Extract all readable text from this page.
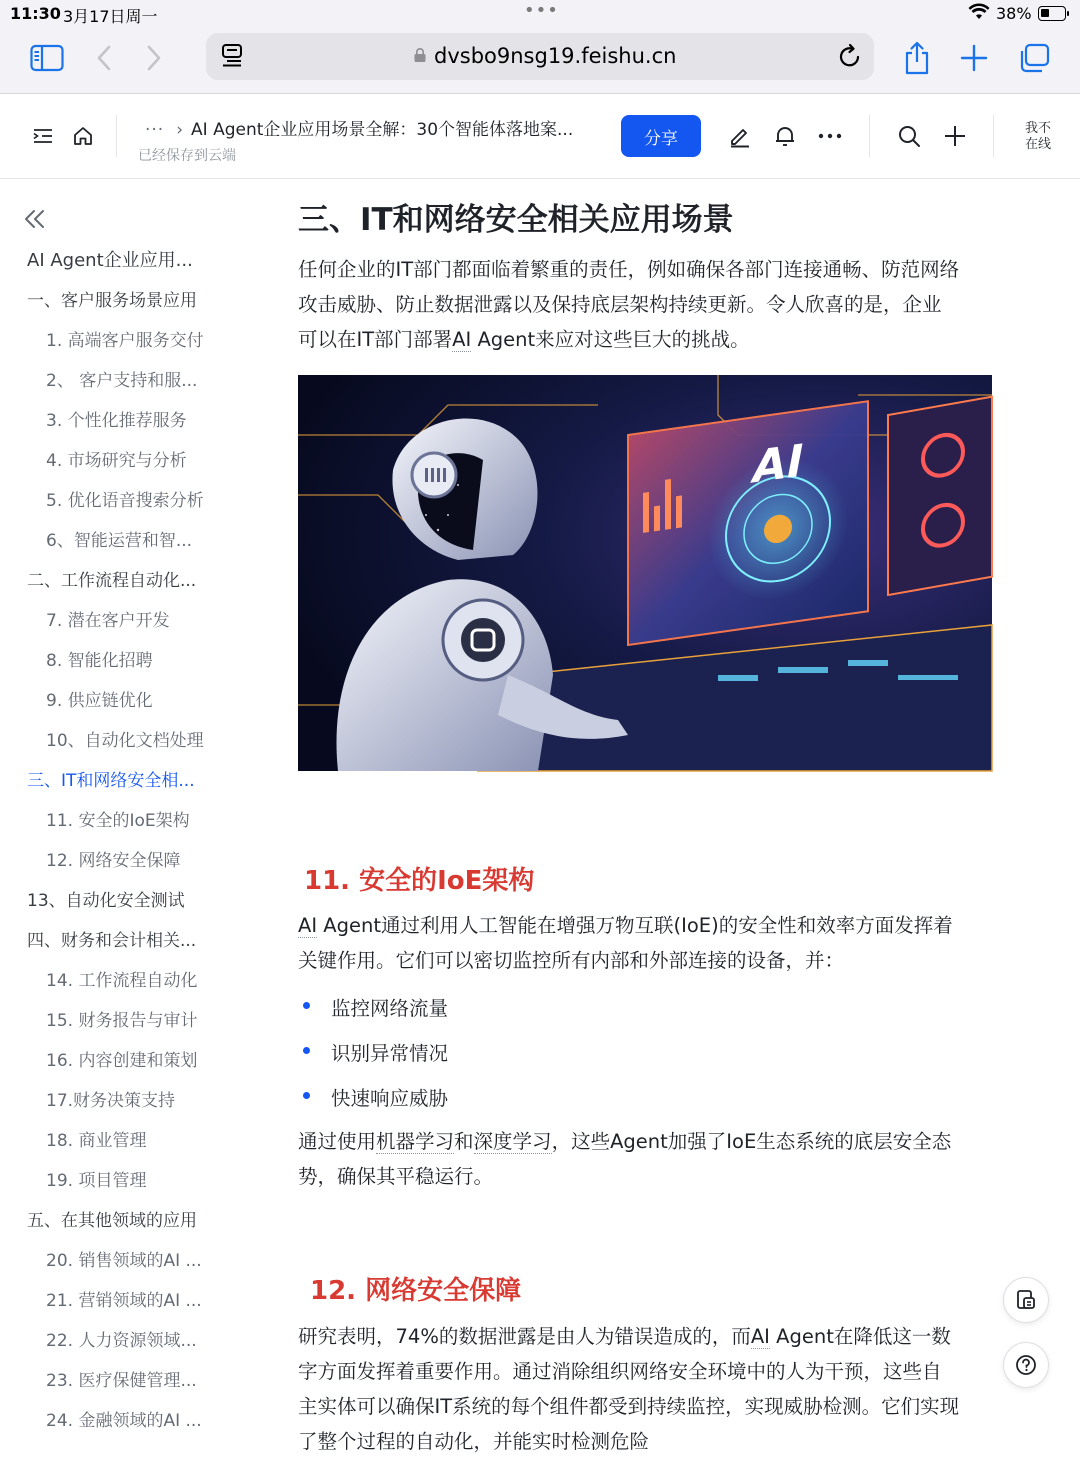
11:30 3月17日周一	•••	38%
dvsbo9nsg19.feishu.cn
··· › AI Agent企业应用场景全解：30个智能体落地案...
已经保存到云端
分享	我不
在线
AI Agent企业应用...
一、客户服务场景应用
1. 高端客户服务交付
2、 客户支持和服...
3. 个性化推荐服务
4. 市场研究与分析
5. 优化语音搜索分析
6、智能运营和智...
二、工作流程自动化...
7. 潜在客户开发
8. 智能化招聘
9. 供应链优化
10、自动化文档处理
三、IT和网络安全相...
11. 安全的IoE架构
12. 网络安全保障
13、自动化安全测试
四、财务和会计相关...
14. 工作流程自动化
15. 财务报告与审计
16. 内容创建和策划
17.财务决策支持
18. 商业管理
19. 项目管理
五、在其他领域的应用
20. 销售领域的AI ...
21. 营销领域的AI ...
22. 人力资源领域...
23. 医疗保健管理...
24. 金融领域的AI ...
三、IT和网络安全相关应用场景
任何企业的IT部门都面临着繁重的责任，例如确保各部门连接通畅、防范网络
攻击威胁、防止数据泄露以及保持底层架构持续更新。令人欣喜的是，企业
可以在IT部门部署AI Agent来应对这些巨大的挑战。
AI
11. 安全的IoE架构
AI Agent通过利用人工智能在增强万物互联(IoE)的安全性和效率方面发挥着
关键作用。它们可以密切监控所有内部和外部连接的设备，并：
监控网络流量
识别异常情况
快速响应威胁
通过使用机器学习和深度学习，这些Agent加强了IoE生态系统的底层安全态
势，确保其平稳运行。
12. 网络安全保障
研究表明，74%的数据泄露是由人为错误造成的，而AI Agent在降低这一数
字方面发挥着重要作用。通过消除组织网络安全环境中的人为干预，这些自
主实体可以确保IT系统的每个组件都受到持续监控，实现威胁检测。它们实现
了整个过程的自动化，并能实时检测危险
